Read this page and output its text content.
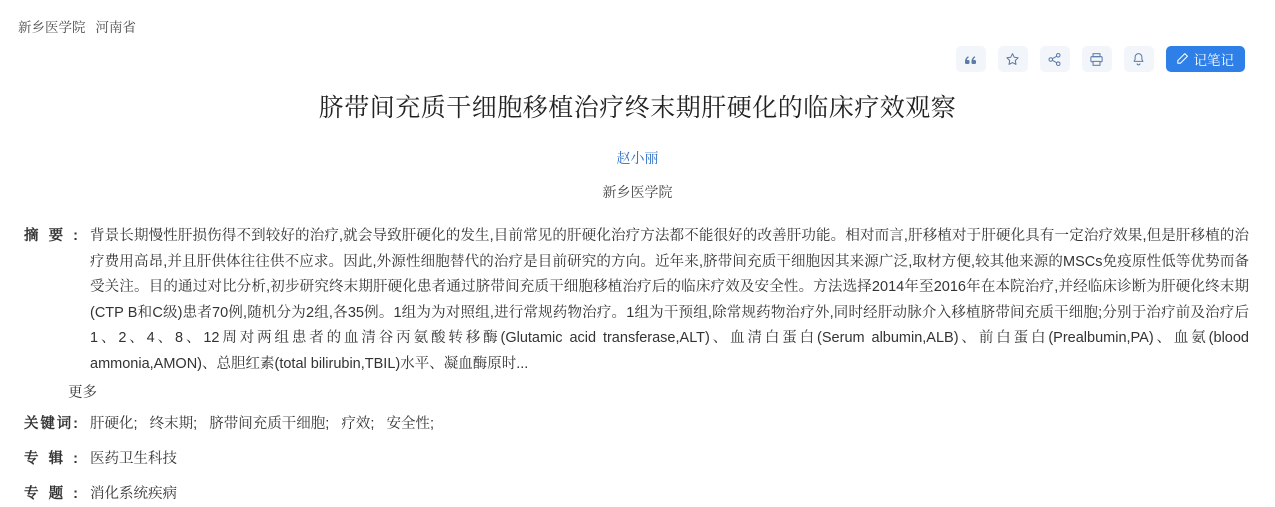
新乡医学院 河南省
记笔记
脐带间充质干细胞移植治疗终末期肝硬化的临床疗效观察
赵小丽
新乡医学院
摘要: 背景长期慢性肝损伤得不到较好的治疗,就会导致肝硬化的发生,目前常见的肝硬化治疗方法都不能很好的改善肝功能。相对而言,肝移植对于肝硬化具有一定治疗效果,但是肝移植的治疗费用高昂,并且肝供体往往供不应求。因此,外源性细胞替代的治疗是目前研究的方向。近年来,脐带间充质干细胞因其来源广泛,取材方便,较其他来源的MSCs免疫原性低等优势而备受关注。目的通过对比分析,初步研究终末期肝硬化患者通过脐带间充质干细胞移植治疗后的临床疗效及安全性。方法选择2014年至2016年在本院治疗,并经临床诊断为肝硬化终末期(CTP B和C级)患者70例,随机分为2组,各35例。1组为为对照组,进行常规药物治疗。1组为干预组,除常规药物治疗外,同时经肝动脉介入移植脐带间充质干细胞;分别于治疗前及治疗后1、2、4、8、12周对两组患者的血清谷丙氨酸转移酶(Glutamic acid transferase,ALT)、血清白蛋白(Serum albumin,ALB)、前白蛋白(Prealbumin,PA)、血氨(blood ammonia,AMON)、总胆红素(total bilirubin,TBIL)水平、凝血酶原时...
更多
关键词: 肝硬化; 终末期; 脐带间充质干细胞; 疗效; 安全性;
专辑: 医药卫生科技
专题: 消化系统疾病
